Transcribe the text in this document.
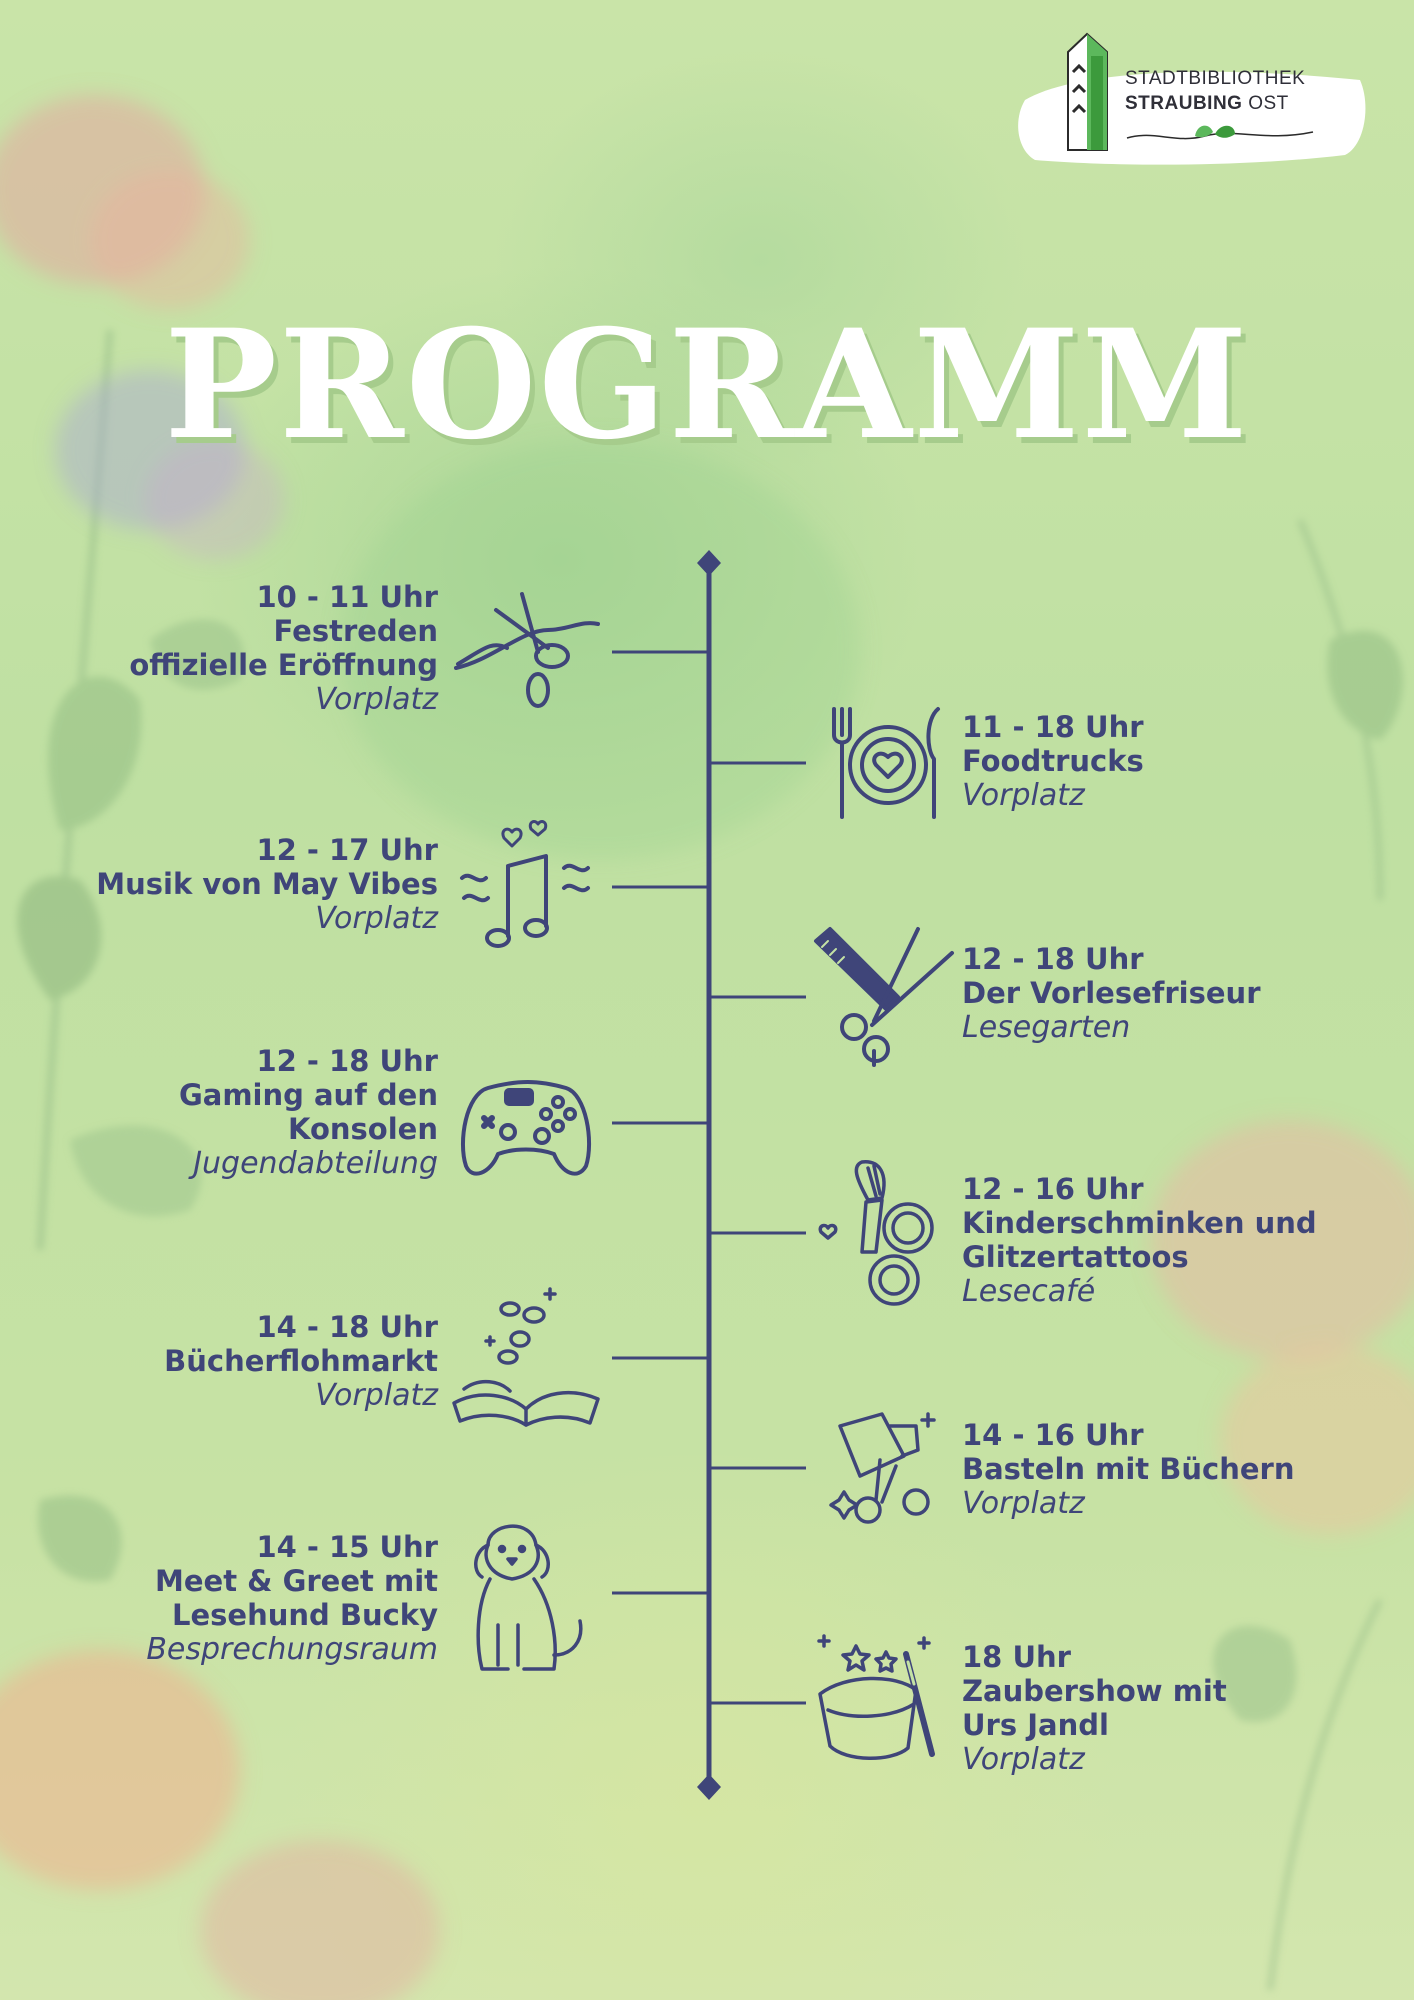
STADTBIBLIOTHEK
STRAUBING OST
PROGRAMM
10 - 11 Uhr
Festreden
offizielle Eröffnung
Vorplatz
12 - 17 Uhr
Musik von May Vibes
Vorplatz
12 - 18 Uhr
Gaming auf den
Konsolen
Jugendabteilung
14 - 18 Uhr
Bücherflohmarkt
Vorplatz
14 - 15 Uhr
Meet & Greet mit
Lesehund Bucky
Besprechungsraum
11 - 18 Uhr
Foodtrucks
Vorplatz
12 - 18 Uhr
Der Vorlesefriseur
Lesegarten
12 - 16 Uhr
Kinderschminken und
Glitzertattoos
Lesecafé
14 - 16 Uhr
Basteln mit Büchern
Vorplatz
18 Uhr
Zaubershow mit
Urs Jandl
Vorplatz
